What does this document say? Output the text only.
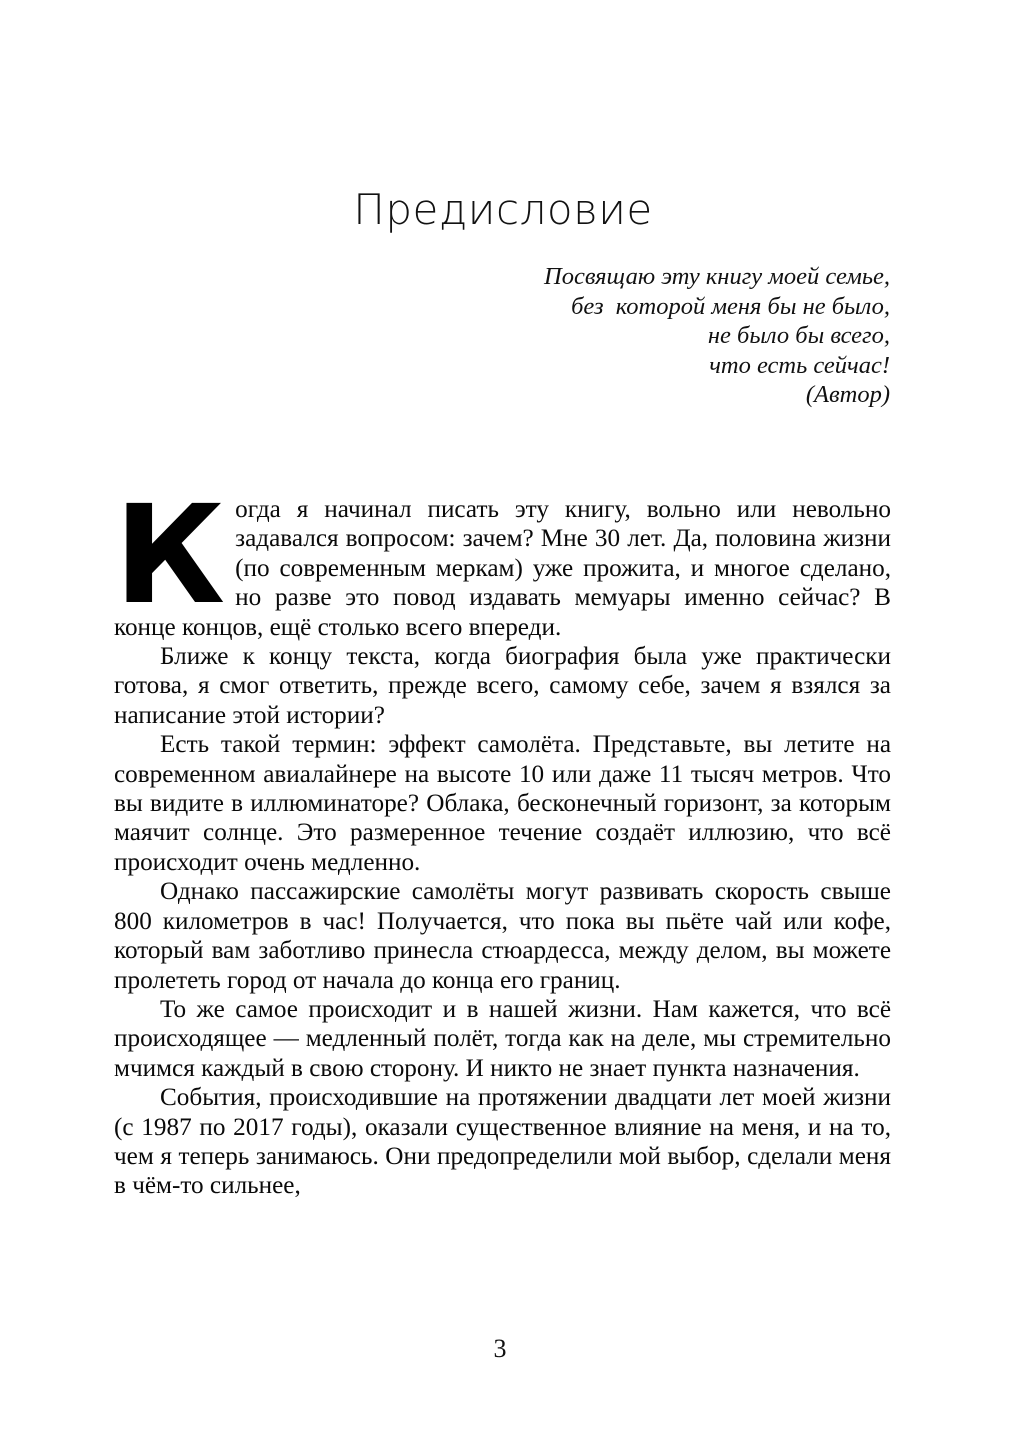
Предисловие
Посвящаю эту книгу моей семье,
без  которой меня бы не было,
не было бы всего,
что есть сейчас!
(Автор)
К огда я начинал писать эту книгу, вольно или невольно задавался вопросом: зачем? Мне 30 лет. Да, половина жизни (по современным меркам) уже прожита, и многое сделано, но разве это повод издавать мемуары именно сейчас? В конце концов, ещё столько всего впереди.

Ближе к концу текста, когда биография была уже практически готова, я смог ответить, прежде всего, самому себе, зачем я взялся за написание этой истории?

Есть такой термин: эффект самолёта. Представьте, вы летите на современном авиалайнере на высоте 10 или даже 11 тысяч метров. Что вы видите в иллюминаторе? Облака, бесконечный горизонт, за которым маячит солнце. Это размеренное течение создаёт иллюзию, что всё происходит очень медленно.

Однако пассажирские самолёты могут развивать скорость свыше 800 километров в час! Получается, что пока вы пьёте чай или кофе, который вам заботливо принесла стюардесса, между делом, вы можете пролететь город от начала до конца его границ.

То же самое происходит и в нашей жизни. Нам кажется, что всё происходящее — медленный полёт, тогда как на деле, мы стремительно мчимся каждый в свою сторону. И никто не знает пункта назначения.

События, происходившие на протяжении двадцати лет моей жизни (с 1987 по 2017 годы), оказали существенное влияние на меня, и на то, чем я теперь занимаюсь. Они предопределили мой выбор, сделали меня в чём-то сильнее,

3
